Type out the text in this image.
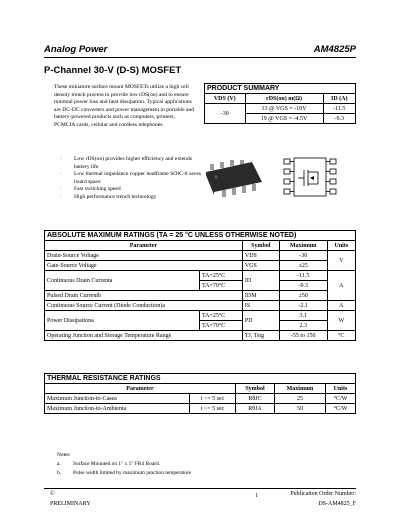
Analog Power	AM4825P
P-Channel 30-V (D-S) MOSFET
These miniature surface mount MOSFETs utilize a high cell density trench process to provide low rDS(on) and to ensure minimal power loss and heat dissipation. Typical applications are DC-DC converters and power management in portable and battery-powered products such as computers, printers, PCMCIA cards, cellular and cordless telephones.
PRODUCT SUMMARY		
VDS (V)	rDS(on) m(Ω)	ID (A)
-30	13 @ VGS = -10V	-11.5
	19 @ VGS = -4.5V	-9.3
· Low rDS(on) provides higher efficiency and extends battery life
· Low thermal impedance copper leadframe SOIC-8 saves board space
· Fast switching speed
· High performance trench technology
ABSOLUTE MAXIMUM RATINGS (TA = 25 °C UNLESS OTHERWISE NOTED)				
Parameter		Symbol	Maximum	Units
Drain-Source Voltage		VDS	-30	V
Gate-Source Voltage		VGS	±25	
Continuous Drain Currenta	TA=25°C	ID	-11.5	A
	TA=70°C		-9.3	
Pulsed Drain Currentb		IDM	±50	
Continuous Source Current (Diode Conduction)a		IS	-2.1	A
Power Dissipationa	TA=25°C	PD	3.1	W
	TA=70°C		2.3	
Operating Junction and Storage Temperature Range		TJ, Tstg	-55 to 150	°C
THERMAL RESISTANCE RATINGS				
Parameter		Symbol	Maximum	Units
Maximum Junction-to-Casea	t <= 5 sec	RθJC	25	°C/W
Maximum Junction-to-Ambienta	t <= 5 sec	RθJA	50	°C/W
Notes
a. Surface Mounted on 1" x 1" FR4 Board.
b. Pulse width limited by maximum junction temperature
©
PRELIMINARY
1	Publication Order Number:
DS-AM4825_F
